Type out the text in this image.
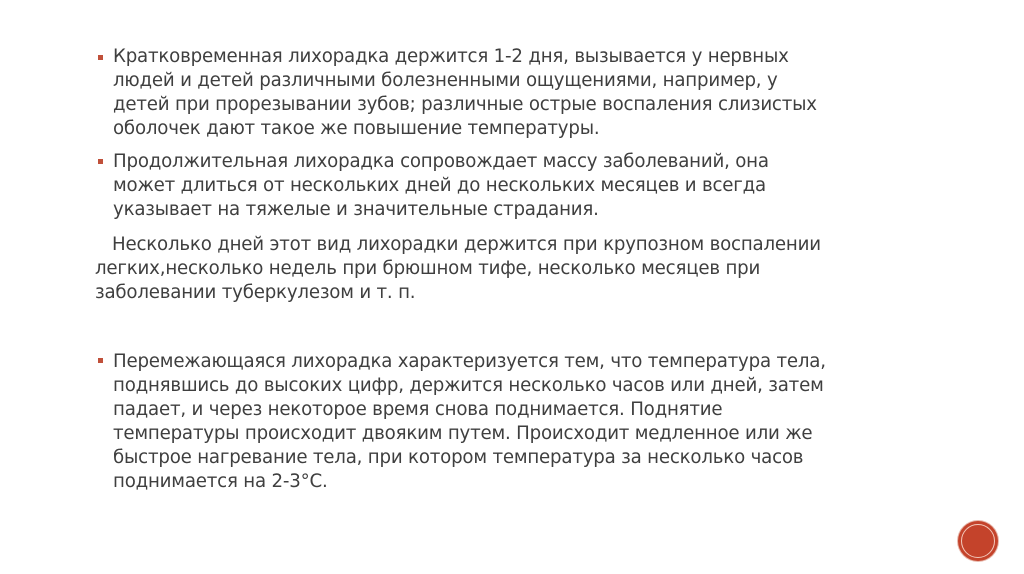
Кратковременная лихорадка держится 1-2 дня, вызывается у нервных людей и детей различными болезненными ощущениями, например, у детей при прорезывании зубов; различные острые воспаления слизистых оболочек дают такое же повышение температуры.

Продолжительная лихорадка сопровождает массу заболеваний, она может длиться от нескольких дней до нескольких месяцев и всегда указывает на тяжелые и значительные страдания.

Несколько дней этот вид лихорадки держится при крупозном воспалении легких,несколько недель при брюшном тифе, несколько месяцев при заболевании туберкулезом и т. п.

Перемежающаяся лихорадка характеризуется тем, что температура тела, поднявшись до высоких цифр, держится несколько часов или дней, затем падает, и через некоторое время снова поднимается. Поднятие температуры происходит двояким путем. Происходит медленное или же быстрое нагревание тела, при котором температура за несколько часов поднимается на 2-3°С.
